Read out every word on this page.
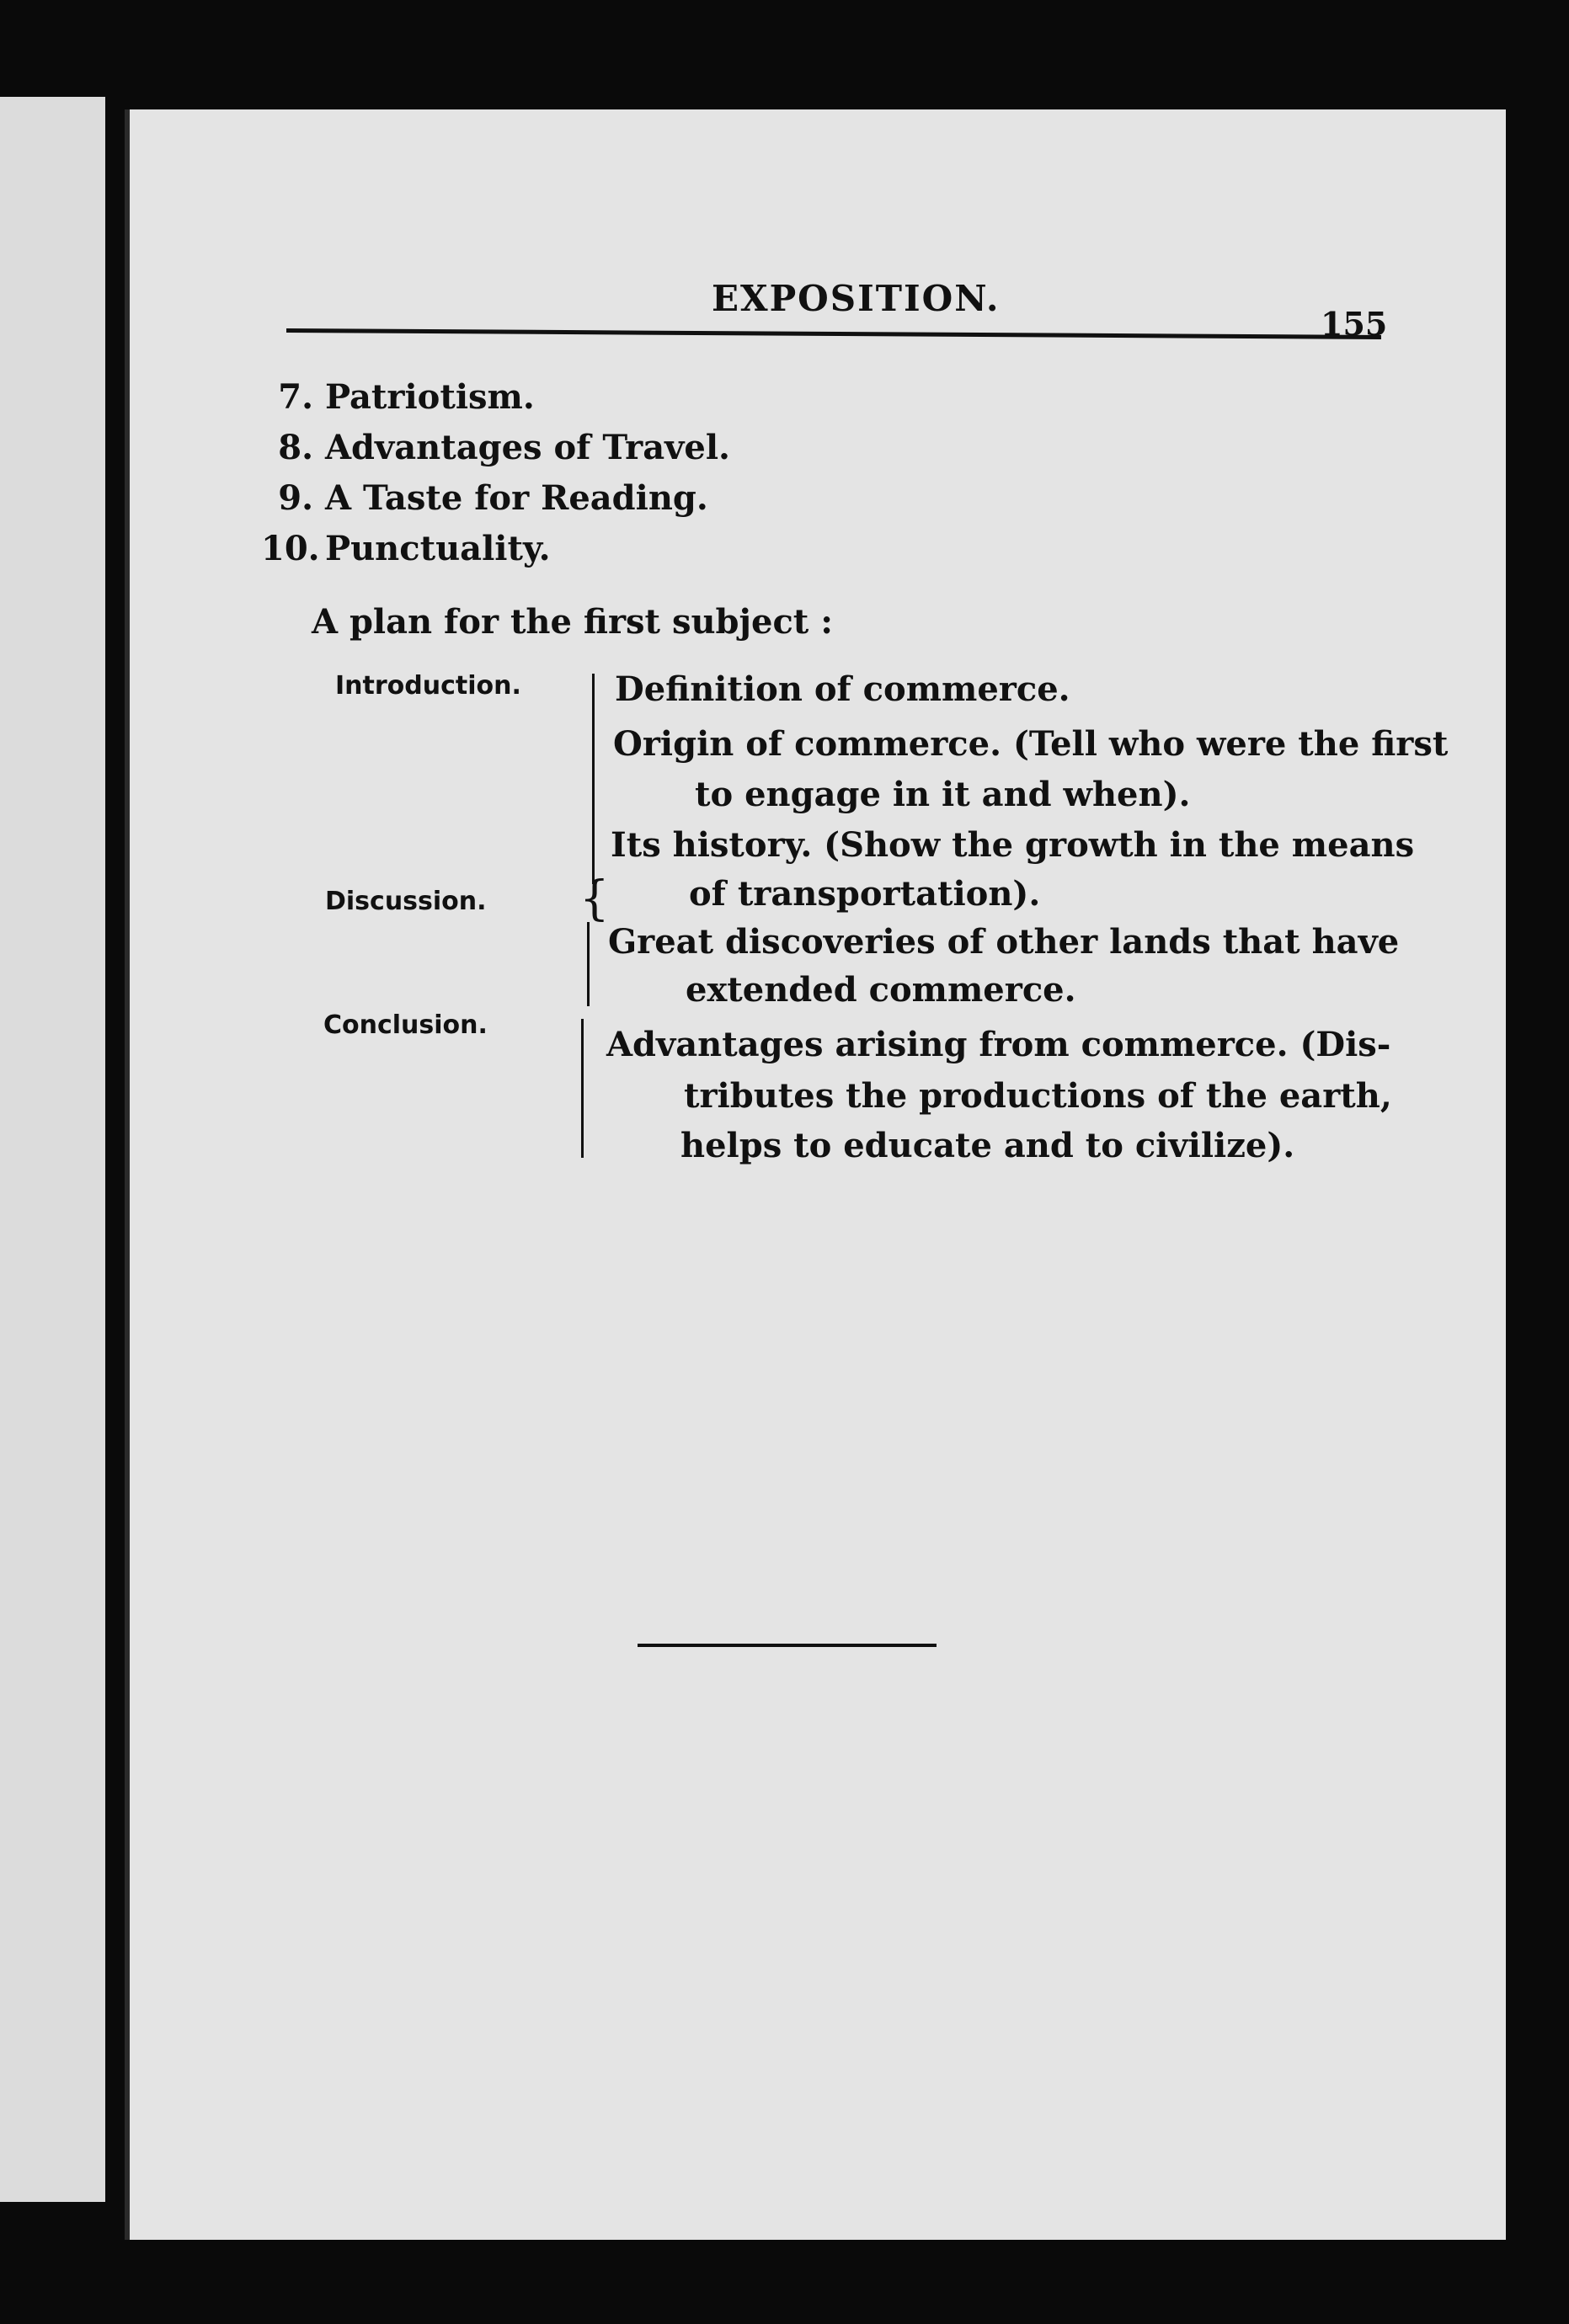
EXPOSITION.
155
7. Patriotism.
8. Advantages of Travel.
9. A Taste for Reading.
10. Punctuality.
A plan for the first subject :
Introduction.
Discussion.
Conclusion.
{
Definition of commerce.
Origin of commerce. (Tell who were the first
to engage in it and when).
Its history. (Show the growth in the means
of transportation).
Great discoveries of other lands that have
extended commerce.
Advantages arising from commerce. (Dis-
tributes the productions of the earth,
helps to educate and to civilize).
